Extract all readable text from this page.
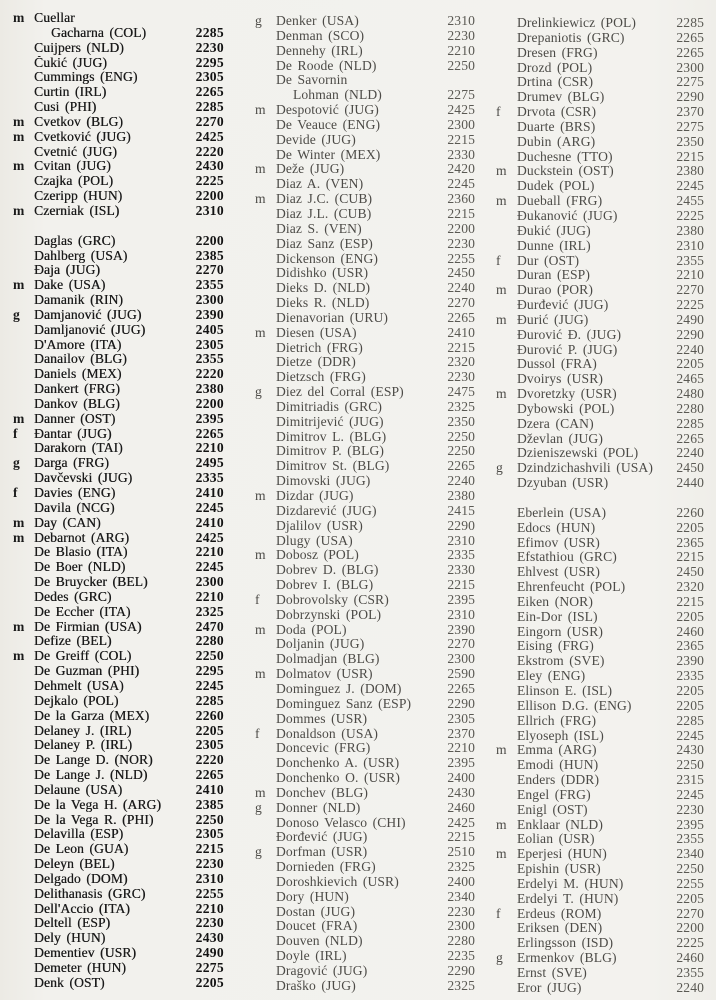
m Cuellar
Gacharna (COL)	2285
Cuijpers (NLD)	2230
Čukić (JUG)	2295
Cummings (ENG)	2305
Curtin (IRL)	2265
Cusi (PHI)	2285
m Cvetkov (BLG)	2270
m Cvetković (JUG)	2425
Cvetnić (JUG)	2220
m Cvitan (JUG)	2430
Czajka (POL)	2225
Czeripp (HUN)	2200
m Czerniak (ISL)	2310
Daglas (GRC)	2200
Dahlberg (USA)	2385
Đaja (JUG)	2270
m Dake (USA)	2355
Damanik (RIN)	2300
g	Damjanović (JUG)	2390
Damljanović (JUG)	2405
D'Amore (ITA)	2305
Danailov (BLG)	2355
Daniels (MEX)	2220
Dankert (FRG)	2380
Dankov (BLG)	2200
m Danner (OST)	2395
f	Đantar (JUG)	2265
Darakorn (TAI)	2210
g	Darga (FRG)	2495
Davčevski (JUG)	2335
f	Davies (ENG)	2410
Davila (NCG)	2245
m Day (CAN)	2410
m Debarnot (ARG)	2425
De Blasio (ITA)	2210
De Boer (NLD)	2245
De Bruycker (BEL)	2300
Dedes (GRC)	2210
De Eccher (ITA)	2325
m De Firmian (USA)	2470
Defize (BEL)	2280
m De Greiff (COL)	2250
De Guzman (PHI)	2295
Dehmelt (USA)	2245
Dejkalo (POL)	2285
De la Garza (MEX)	2260
Delaney J. (IRL)	2205
Delaney P. (IRL)	2305
De Lange D. (NOR)	2220
De Lange J. (NLD)	2265
Delaune (USA)	2410
De la Vega H. (ARG)	2385
De la Vega R. (PHI)	2250
Delavilla (ESP)	2305
De Leon (GUA)	2215
Deleyn (BEL)	2230
Delgado (DOM)	2310
Delithanasis (GRC)	2255
Dell'Accio (ITA)	2210
Deltell (ESP)	2230
Dely (HUN)	2430
Dementiev (USR)	2490
Demeter (HUN)	2275
Denk (OST)	2205
g	Denker (USA)	2310
Denman (SCO)	2230
Dennehy (IRL)	2210
De Roode (NLD)	2250
De Savornin
Lohman (NLD)	2275
m Despotović (JUG)	2425
De Veauce (ENG)	2300
Devide (JUG)	2215
De Winter (MEX)	2330
m Deže (JUG)	2420
Diaz A. (VEN)	2245
m Diaz J.C. (CUB)	2360
Diaz J.L. (CUB)	2215
Diaz S. (VEN)	2200
Diaz Sanz (ESP)	2230
Dickenson (ENG)	2255
Didishko (USR)	2450
Dieks D. (NLD)	2240
Dieks R. (NLD)	2270
Dienavorian (URU)	2265
m Diesen (USA)	2410
Dietrich (FRG)	2215
Dietze (DDR)	2320
Dietzsch (FRG)	2230
g	Diez del Corral (ESP)	2475
Dimitriadis (GRC)	2325
Dimitrijević (JUG)	2350
Dimitrov L. (BLG)	2250
Dimitrov P. (BLG)	2250
Dimitrov St. (BLG)	2265
Dimovski (JUG)	2240
m Dizdar (JUG)	2380
Dizdarević (JUG)	2415
Djalilov (USR)	2290
Dlugy (USA)	2310
m Dobosz (POL)	2335
Dobrev D. (BLG)	2330
Dobrev I. (BLG)	2215
f	Dobrovolsky (CSR)	2395
Dobrzynski (POL)	2310
m Doda (POL)	2390
Doljanin (JUG)	2270
Dolmadjan (BLG)	2300
m Dolmatov (USR)	2590
Dominguez J. (DOM)	2265
Dominguez Sanz (ESP)	2290
Dommes (USR)	2305
f	Donaldson (USA)	2370
Doncevic (FRG)	2210
Donchenko A. (USR)	2395
Donchenko O. (USR)	2400
m Donchev (BLG)	2430
g	Donner (NLD)	2460
Donoso Velasco (CHI)	2425
Đorđević (JUG)	2215
g	Dorfman (USR)	2510
Dornieden (FRG)	2325
Doroshkievich (USR)	2400
Dory (HUN)	2340
Dostan (JUG)	2230
Doucet (FRA)	2300
Douven (NLD)	2280
Doyle (IRL)	2235
Dragović (JUG)	2290
Draško (JUG)	2325
Drelinkiewicz (POL)	2285
Drepaniotis (GRC)	2265
Dresen (FRG)	2265
Drozd (POL)	2300
Drtina (CSR)	2275
Drumev (BLG)	2290
f	Drvota (CSR)	2370
Duarte (BRS)	2275
Dubin (ARG)	2350
Duchesne (TTO)	2215
m Duckstein (OST)	2380
Dudek (POL)	2245
m Dueball (FRG)	2455
Đukanović (JUG)	2225
Đukić (JUG)	2380
Dunne (IRL)	2310
f	Dur (OST)	2355
Duran (ESP)	2210
m Durao (POR)	2270
Đurđević (JUG)	2225
m Đurić (JUG)	2490
Đurović Đ. (JUG)	2290
Đurović P. (JUG)	2240
Dussol (FRA)	2205
Dvoirys (USR)	2465
m Dvoretzky (USR)	2480
Dybowski (POL)	2280
Dzera (CAN)	2285
Dževlan (JUG)	2265
Dzieniszewski (POL)	2240
g	Dzindzichashvili (USA)	2450
Dzyuban (USR)	2440
Eberlein (USA)	2260
Edocs (HUN)	2205
Efimov (USR)	2365
Efstathiou (GRC)	2215
Ehlvest (USR)	2450
Ehrenfeucht (POL)	2320
Eiken (NOR)	2215
Ein-Dor (ISL)	2205
Eingorn (USR)	2460
Eising (FRG)	2365
Ekstrom (SVE)	2390
Eley (ENG)	2335
Elinson E. (ISL)	2205
Ellison D.G. (ENG)	2205
Ellrich (FRG)	2285
Elyoseph (ISL)	2245
m Emma (ARG)	2430
Emodi (HUN)	2250
Enders (DDR)	2315
Engel (FRG)	2245
Enigl (OST)	2230
m Enklaar (NLD)	2395
Eolian (USR)	2355
m Eperjesi (HUN)	2340
Epishin (USR)	2250
Erdelyi M. (HUN)	2255
Erdelyi T. (HUN)	2205
f	Erdeus (ROM)	2270
Eriksen (DEN)	2200
Erlingsson (ISD)	2225
g	Ermenkov (BLG)	2460
Ernst (SVE)	2355
Eror (JUG)	2240
